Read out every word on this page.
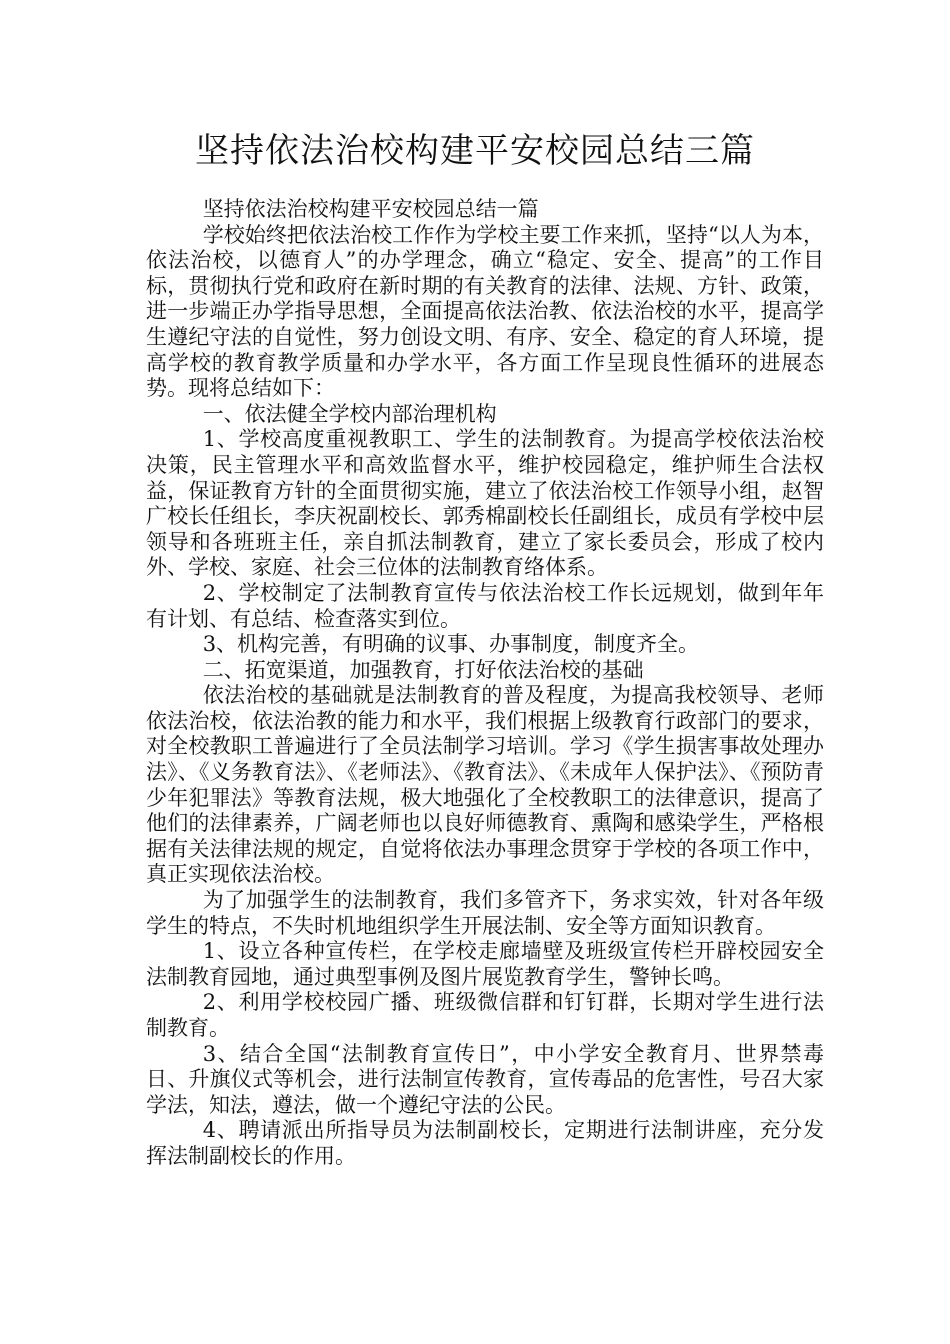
坚持依法治校构建平安校园总结三篇

坚持依法治校构建平安校园总结一篇

学校始终把依法治校工作作为学校主要工作来抓，坚持“以人为本，依法治校，以德育人”的办学理念，确立“稳定、安全、提高”的工作目标，贯彻执行党和政府在新时期的有关教育的法律、法规、方针、政策，进一步端正办学指导思想，全面提高依法治教、依法治校的水平，提高学生遵纪守法的自觉性，努力创设文明、有序、安全、稳定的育人环境，提高学校的教育教学质量和办学水平，各方面工作呈现良性循环的进展态势。现将总结如下：

一、依法健全学校内部治理机构

1、学校高度重视教职工、学生的法制教育。为提高学校依法治校决策，民主管理水平和高效监督水平，维护校园稳定，维护师生合法权益，保证教育方针的全面贯彻实施，建立了依法治校工作领导小组，赵智广校长任组长，李庆祝副校长、郭秀棉副校长任副组长，成员有学校中层领导和各班班主任，亲自抓法制教育，建立了家长委员会，形成了校内外、学校、家庭、社会三位体的法制教育络体系。

2、学校制定了法制教育宣传与依法治校工作长远规划，做到年年有计划、有总结、检查落实到位。

3、机构完善，有明确的议事、办事制度，制度齐全。

二、拓宽渠道，加强教育，打好依法治校的基础

依法治校的基础就是法制教育的普及程度，为提高我校领导、老师依法治校，依法治教的能力和水平，我们根据上级教育行政部门的要求，对全校教职工普遍进行了全员法制学习培训。学习《学生损害事故处理办法》、《义务教育法》、《老师法》、《教育法》、《未成年人保护法》、《预防青少年犯罪法》等教育法规，极大地强化了全校教职工的法律意识，提高了他们的法律素养，广阔老师也以良好师德教育、熏陶和感染学生，严格根据有关法律法规的规定，自觉将依法办事理念贯穿于学校的各项工作中，真正实现依法治校。

为了加强学生的法制教育，我们多管齐下，务求实效，针对各年级学生的特点，不失时机地组织学生开展法制、安全等方面知识教育。

1、设立各种宣传栏，在学校走廊墙壁及班级宣传栏开辟校园安全法制教育园地，通过典型事例及图片展览教育学生，警钟长鸣。

2、利用学校校园广播、班级微信群和钉钉群，长期对学生进行法制教育。

3、结合全国“法制教育宣传日”，中小学安全教育月、世界禁毒日、升旗仪式等机会，进行法制宣传教育，宣传毒品的危害性，号召大家学法，知法，遵法，做一个遵纪守法的公民。

4、聘请派出所指导员为法制副校长，定期进行法制讲座，充分发挥法制副校长的作用。
